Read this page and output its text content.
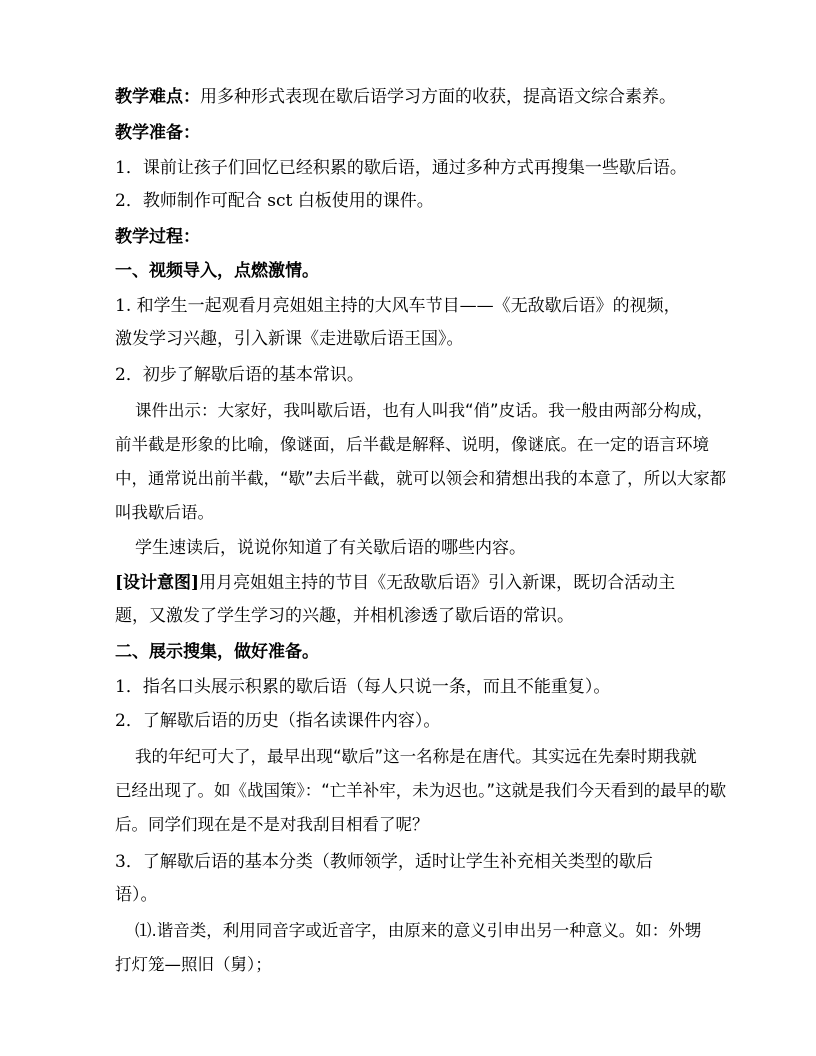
教学难点：用多种形式表现在歇后语学习方面的收获，提高语文综合素养。
教学准备：
1．课前让孩子们回忆已经积累的歇后语，通过多种方式再搜集一些歇后语。
2．教师制作可配合 sct 白板使用的课件。
教学过程：
一、视频导入，点燃激情。
1. 和学生一起观看月亮姐姐主持的大风车节目——《无敌歇后语》的视频，
激发学习兴趣，引入新课《走进歇后语王国》。
2．初步了解歇后语的基本常识。
课件出示：大家好，我叫歇后语，也有人叫我“俏”皮话。我一般由两部分构成，
前半截是形象的比喻，像谜面，后半截是解释、说明，像谜底。在一定的语言环境
中，通常说出前半截，“歇”去后半截，就可以领会和猜想出我的本意了，所以大家都
叫我歇后语。
学生速读后，说说你知道了有关歇后语的哪些内容。
[设计意图]用月亮姐姐主持的节目《无敌歇后语》引入新课，既切合活动主
题，又激发了学生学习的兴趣，并相机渗透了歇后语的常识。
二、展示搜集，做好准备。
1．指名口头展示积累的歇后语（每人只说一条，而且不能重复）。
2．了解歇后语的历史（指名读课件内容）。
我的年纪可大了，最早出现“歇后”这一名称是在唐代。其实远在先秦时期我就
已经出现了。如《战国策》：“亡羊补牢，未为迟也。”这就是我们今天看到的最早的歇
后。同学们现在是不是对我刮目相看了呢？
3．了解歇后语的基本分类（教师领学，适时让学生补充相关类型的歇后
语）。
⑴.谐音类，利用同音字或近音字，由原来的意义引申出另一种意义。如：外甥
打灯笼—照旧（舅）；
